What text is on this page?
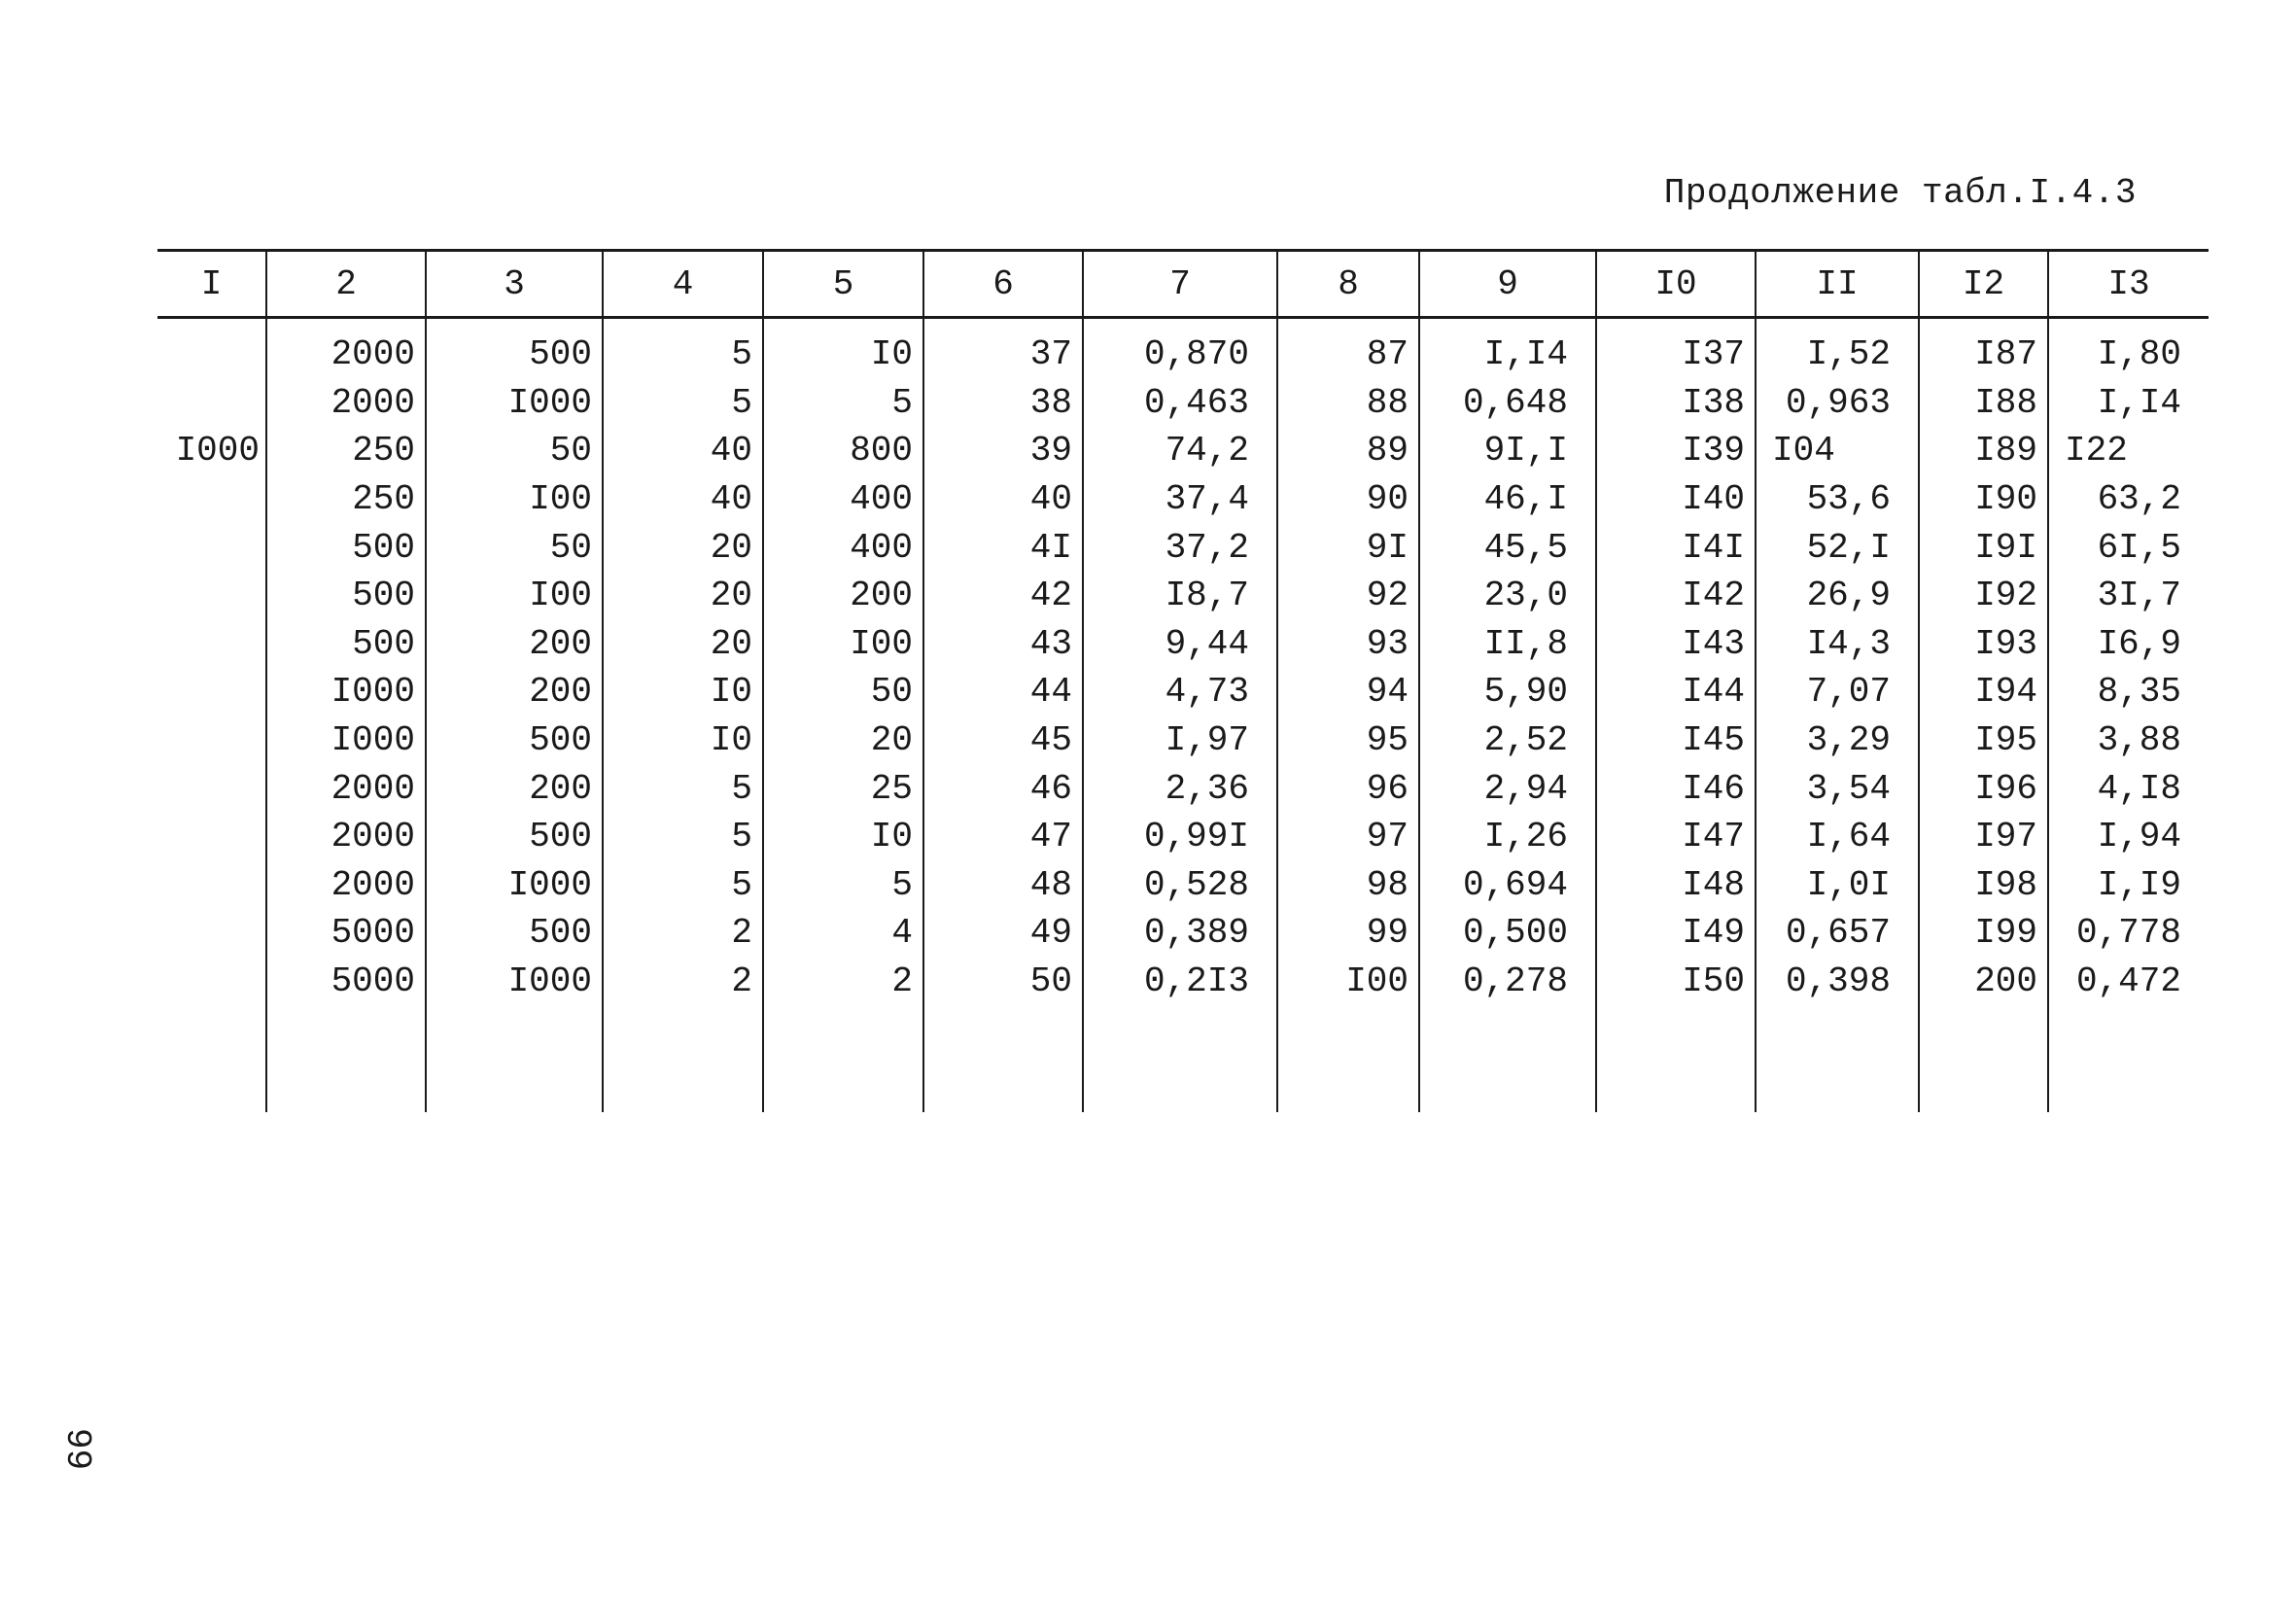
Продолжение табл.I.4.3
I	2	3	4	5	6	7	8	9	I0	II	I2	I3
	2000	500	5	I0	37	0,870	87	I,I4	I37	I,52	I87	I,80
	2000	I000	5	5	38	0,463	88	0,648	I38	0,963	I88	I,I4
I000	250	50	40	800	39	74,2	89	9I,I	I39	I04	I89	I22
	250	I00	40	400	40	37,4	90	46,I	I40	53,6	I90	63,2
	500	50	20	400	4I	37,2	9I	45,5	I4I	52,I	I9I	6I,5
	500	I00	20	200	42	I8,7	92	23,0	I42	26,9	I92	3I,7
	500	200	20	I00	43	9,44	93	II,8	I43	I4,3	I93	I6,9
	I000	200	I0	50	44	4,73	94	5,90	I44	7,07	I94	8,35
	I000	500	I0	20	45	I,97	95	2,52	I45	3,29	I95	3,88
	2000	200	5	25	46	2,36	96	2,94	I46	3,54	I96	4,I8
	2000	500	5	I0	47	0,99I	97	I,26	I47	I,64	I97	I,94
	2000	I000	5	5	48	0,528	98	0,694	I48	I,0I	I98	I,I9
	5000	500	2	4	49	0,389	99	0,500	I49	0,657	I99	0,778
	5000	I000	2	2	50	0,2I3	I00	0,278	I50	0,398	200	0,472

99
